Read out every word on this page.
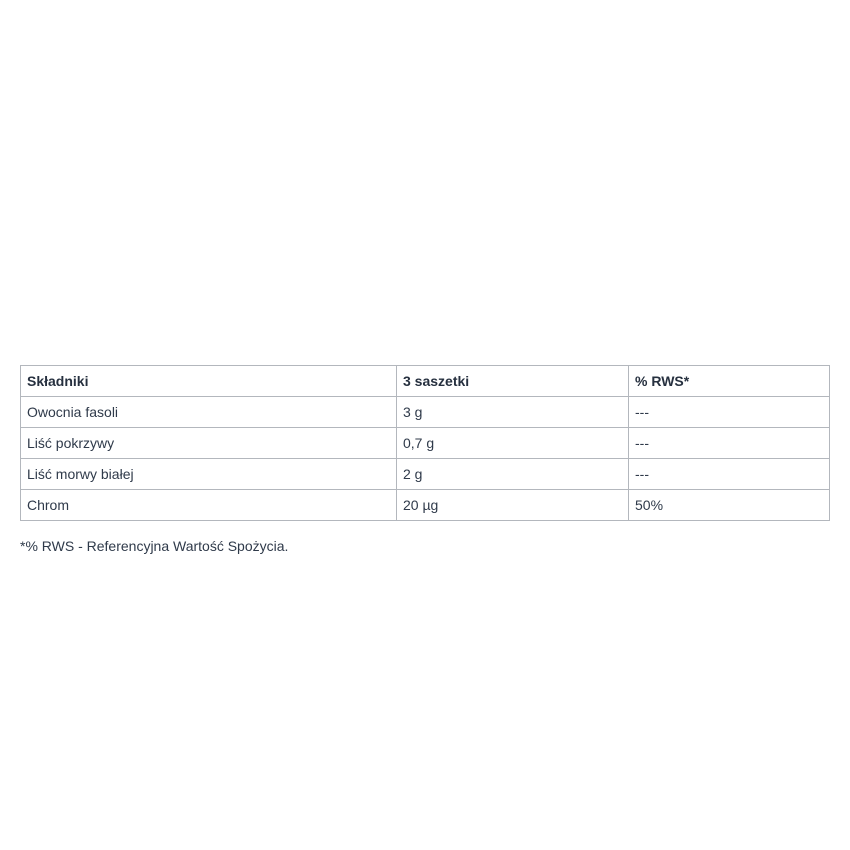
Składniki	3 saszetki	% RWS*
Owocnia fasoli	3 g	---
Liść pokrzywy	0,7 g	---
Liść morwy białej	2 g	---
Chrom	20 µg	50%
*% RWS - Referencyjna Wartość Spożycia.
